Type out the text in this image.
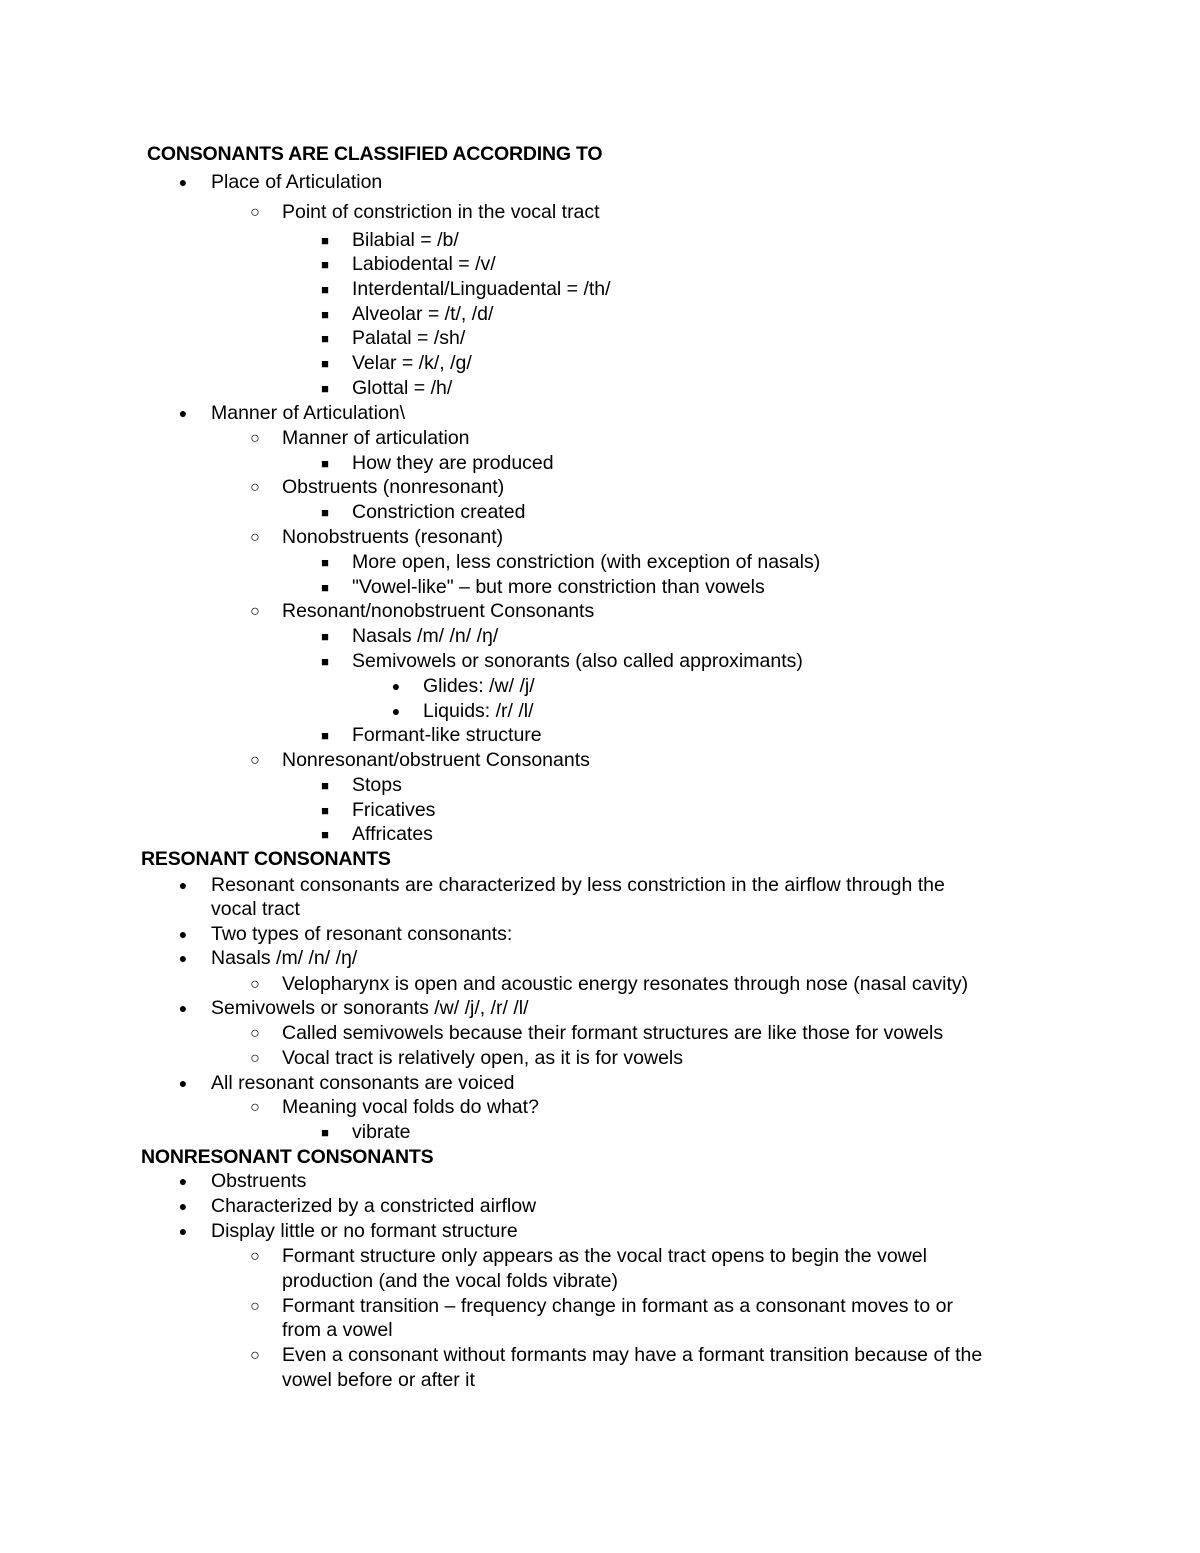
CONSONANTS ARE CLASSIFIED ACCORDING TO
● Place of Articulation
○ Point of constriction in the vocal tract
■	Bilabial = /b/
■	Labiodental = /v/
■	Interdental/Linguadental = /th/
■	Alveolar = /t/, /d/
■	Palatal = /sh/
■	Velar = /k/, /g/
■	Glottal = /h/
● Manner of Articulation\
○ Manner of articulation
■	How they are produced
○ Obstruents (nonresonant)
■	Constriction created
○ Nonobstruents (resonant)
■	More open, less constriction (with exception of nasals)
■	"Vowel-like" – but more constriction than vowels
○ Resonant/nonobstruent Consonants
■	Nasals /m/ /n/ /ŋ/
■	Semivowels or sonorants (also called approximants)
● Glides: /w/ /j/
● Liquids: /r/ /l/
■	Formant-like structure
○ Nonresonant/obstruent Consonants
■	Stops
■	Fricatives
■	Affricates
RESONANT CONSONANTS
● Resonant consonants are characterized by less constriction in the airflow through the
vocal tract
● Two types of resonant consonants:
● Nasals /m/ /n/ /ŋ/
○ Velopharynx is open and acoustic energy resonates through nose (nasal cavity)
● Semivowels or sonorants /w/ /j/, /r/ /l/
○ Called semivowels because their formant structures are like those for vowels
○ Vocal tract is relatively open, as it is for vowels
● All resonant consonants are voiced
○ Meaning vocal folds do what?
■	vibrate
NONRESONANT CONSONANTS
● Obstruents
● Characterized by a constricted airflow
● Display little or no formant structure
○ Formant structure only appears as the vocal tract opens to begin the vowel
production (and the vocal folds vibrate)
○ Formant transition – frequency change in formant as a consonant moves to or
from a vowel
○ Even a consonant without formants may have a formant transition because of the
vowel before or after it
